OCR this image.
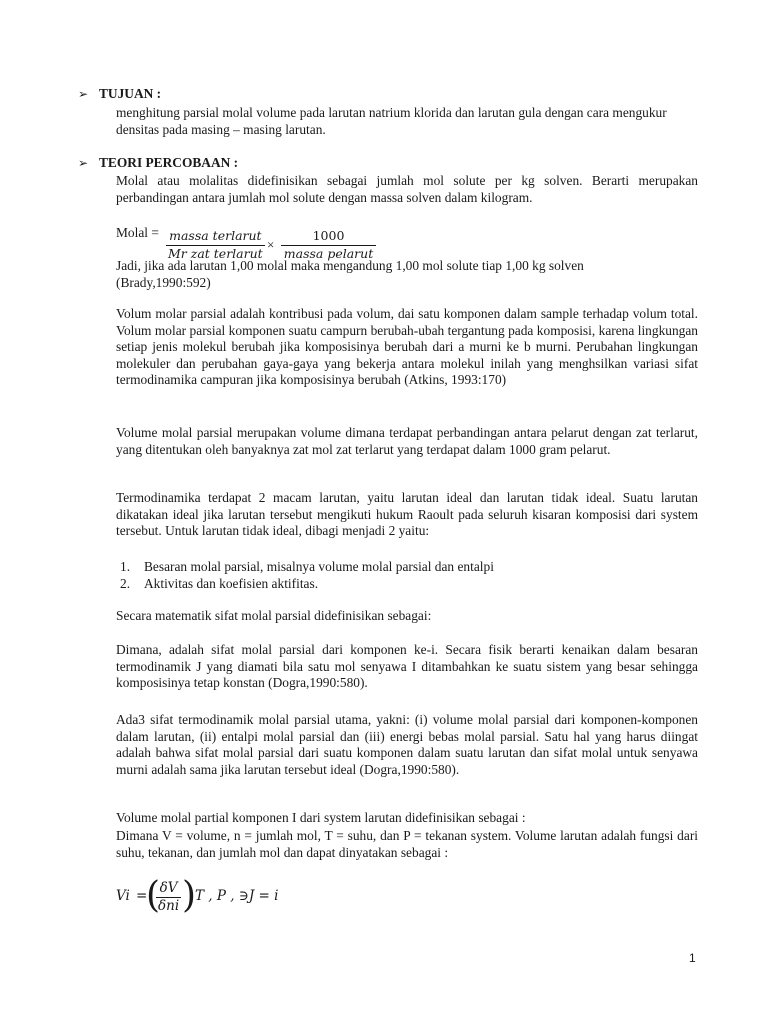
➢ TUJUAN :
menghitung parsial molal volume pada larutan natrium klorida dan larutan gula dengan cara mengukur densitas pada masing – masing larutan.
➢ TEORI PERCOBAAN :
Molal atau molalitas didefinisikan sebagai jumlah mol solute per kg solven. Berarti merupakan perbandingan antara jumlah mol solute dengan massa solven dalam kilogram.
Molal = massa terlarut
Mr zat terlarut
×
1000
massa pelarut
Jadi, jika ada larutan 1,00 molal maka mengandung 1,00 mol solute tiap 1,00 kg solven
(Brady,1990:592)
Volum molar parsial adalah kontribusi pada volum, dai satu komponen dalam sample terhadap volum total. Volum molar parsial komponen suatu campurn berubah-ubah tergantung pada komposisi, karena lingkungan setiap jenis molekul berubah jika komposisinya berubah dari a murni ke b murni. Perubahan lingkungan molekuler dan perubahan gaya-gaya yang bekerja antara molekul inilah yang menghsilkan variasi sifat termodinamika campuran jika komposisinya berubah (Atkins, 1993:170)
Volume molal parsial merupakan volume dimana terdapat perbandingan antara pelarut dengan zat terlarut, yang ditentukan oleh banyaknya zat mol zat terlarut yang terdapat dalam 1000 gram pelarut.
Termodinamika terdapat 2 macam larutan, yaitu larutan ideal dan larutan tidak ideal. Suatu larutan dikatakan ideal jika larutan tersebut mengikuti hukum Raoult pada seluruh kisaran komposisi dari system tersebut. Untuk larutan tidak ideal, dibagi menjadi 2 yaitu:
1. Besaran molal parsial, misalnya volume molal parsial dan entalpi
2. Aktivitas dan koefisien aktifitas.
Secara matematik sifat molal parsial didefinisikan sebagai:
Dimana, adalah sifat molal parsial dari komponen ke-i. Secara fisik berarti kenaikan dalam besaran termodinamik J yang diamati bila satu mol senyawa I ditambahkan ke suatu sistem yang besar sehingga komposisinya tetap konstan (Dogra,1990:580).
Ada3 sifat termodinamik molal parsial utama, yakni: (i) volume molal parsial dari komponen-komponen dalam larutan, (ii) entalpi molal parsial dan (iii) energi bebas molal parsial. Satu hal yang harus diingat adalah bahwa sifat molal parsial dari suatu komponen dalam suatu larutan dan sifat molal untuk senyawa murni adalah sama jika larutan tersebut ideal (Dogra,1990:580).
Volume molal partial komponen I dari system larutan didefinisikan sebagai :
Dimana V = volume, n = jumlah mol, T = suhu, dan P = tekanan system. Volume larutan adalah fungsi dari suhu, tekanan, dan jumlah mol dan dapat dinyatakan sebagai :
Vi =
( δV
δni )
T , P , ∋J = i
1
